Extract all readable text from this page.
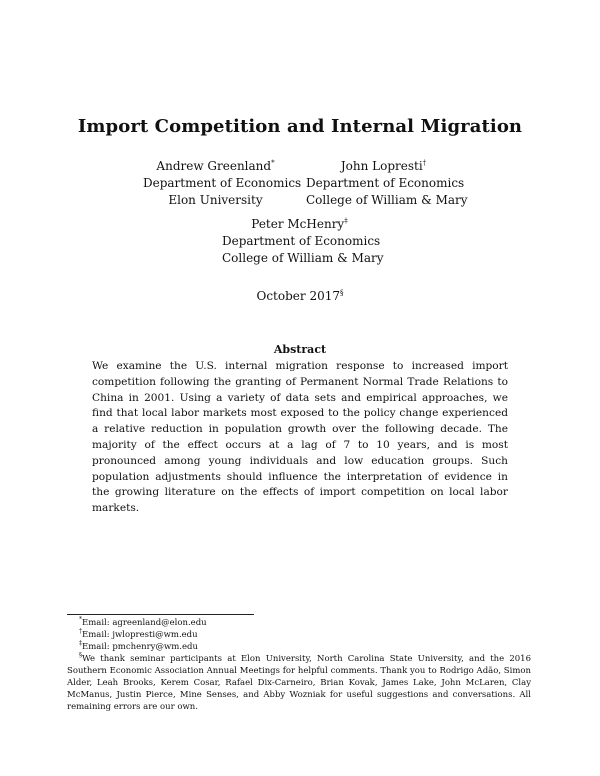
Import Competition and Internal Migration
Andrew Greenland*
Department of Economics
Elon University
John Lopresti†
Department of Economics
College of William & Mary
Peter McHenry‡
Department of Economics
College of William & Mary
October 2017§
Abstract
We examine the U.S. internal migration response to increased import competition following the granting of Permanent Normal Trade Relations to China in 2001. Using a variety of data sets and empirical approaches, we find that local labor markets most exposed to the policy change experienced a relative reduction in population growth over the following decade. The majority of the effect occurs at a lag of 7 to 10 years, and is most pronounced among young individuals and low education groups. Such population adjustments should influence the interpretation of evidence in the growing literature on the effects of import competition on local labor markets.
*Email: agreenland@elon.edu
†Email: jwlopresti@wm.edu
‡Email: pmchenry@wm.edu
§We thank seminar participants at Elon University, North Carolina State University, and the 2016 Southern Economic Association Annual Meetings for helpful comments. Thank you to Rodrigo Adão, Simon Alder, Leah Brooks, Kerem Cosar, Rafael Dix-Carneiro, Brian Kovak, James Lake, John McLaren, Clay McManus, Justin Pierce, Mine Senses, and Abby Wozniak for useful suggestions and conversations. All remaining errors are our own.
